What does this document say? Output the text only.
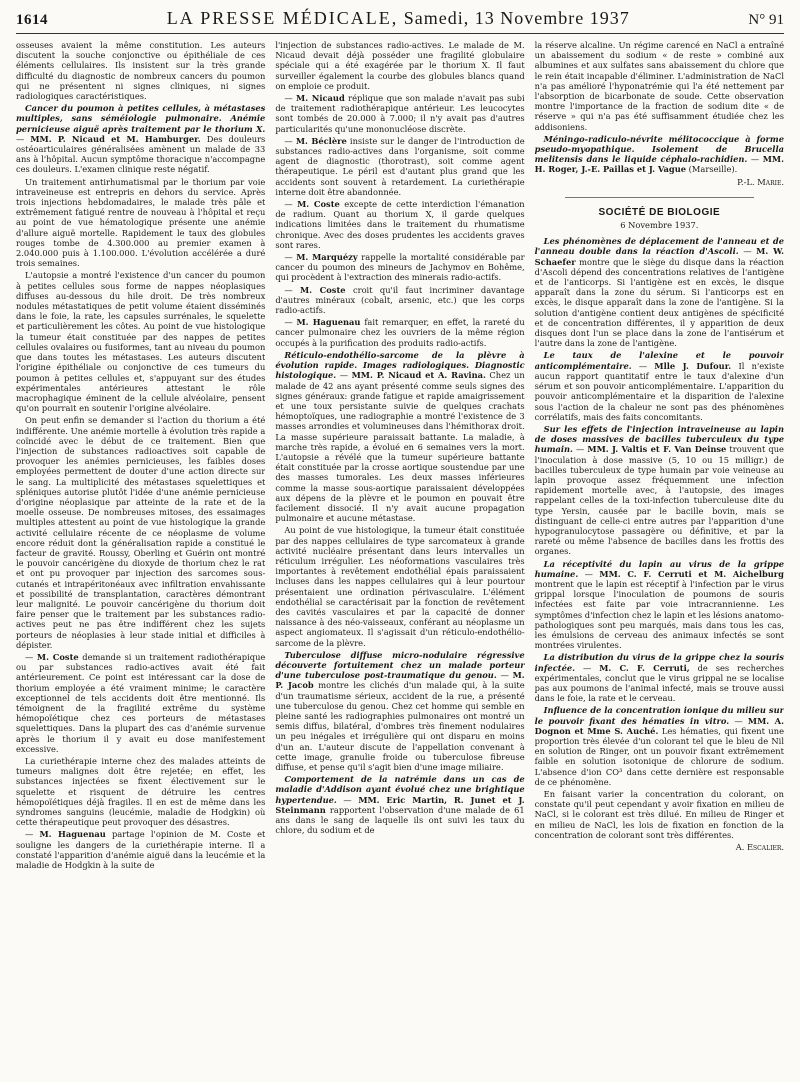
1614	LA PRESSE MÉDICALE, Samedi, 13 Novembre 1937	N° 91

osseuses avaient la même constitution. Les auteurs discutent la souche conjonctive ou épithéliale de ces éléments cellulaires. Ils insistent sur la très grande difficulté du diagnostic de nombreux cancers du poumon qui ne présentent ni signes cliniques, ni signes radiologiques caractéristiques.

Cancer du poumon à petites cellules, à métastases multiples, sans séméiologie pulmonaire. Anémie pernicieuse aiguë après traitement par le thorium X. — MM. P. Nicaud et M. Hamburger. Des douleurs ostéoarticulaires généralisées amènent un malade de 33 ans à l'hôpital. Aucun symptôme thoracique n'accompagne ces douleurs. L'examen clinique reste négatif.

Un traitement antirhumatismal par le thorium par voie intraveineuse est entrepris en dehors du service. Après trois injections hebdomadaires, le malade très pâle et extrêmement fatigué rentre de nouveau à l'hôpital et reçu au point de vue hématologique présente une anémie d'allure aiguë mortelle. Rapidement le taux des globules rouges tombe de 4.300.000 au premier examen à 2.040.000 puis à 1.100.000. L'évolution accélérée a duré trois semaines.

L'autopsie a montré l'existence d'un cancer du poumon à petites cellules sous forme de nappes néoplasiques diffuses au-dessous du hile droit. De très nombreux nodules métastatiques de petit volume étaient disséminés dans le foie, la rate, les capsules surrénales, le squelette et particulièrement les côtes. Au point de vue histologique la tumeur était constituée par des nappes de petites cellules ovalaires ou fusiformes, tant au niveau du poumon que dans toutes les métastases. Les auteurs discutent l'origine épithéliale ou conjonctive de ces tumeurs du poumon à petites cellules et, s'appuyant sur des études expérimentales antérieures attestant le rôle macrophagique éminent de la cellule alvéolaire, pensent qu'on pourrait en soutenir l'origine alvéolaire.

On peut enfin se demander si l'action du thorium a été indifférente. Une anémie mortelle à évolution très rapide a coïncidé avec le début de ce traitement. Bien que l'injection de substances radioactives soit capable de provoquer les anémies pernicieuses, les faibles doses employées permettent de douter d'une action directe sur le sang. La multiplicité des métastases squelettiques et spléniques autorise plutôt l'idée d'une anémie pernicieuse d'origine néoplasique par atteinte de la rate et de la moelle osseuse. De nombreuses mitoses, des essaimages multiples attestent au point de vue histologique la grande activité cellulaire récente de ce néoplasme de volume encore réduit dont la généralisation rapide a constitué le facteur de gravité. Roussy, Oberling et Guérin ont montré le pouvoir cancérigène du dioxyde de thorium chez le rat et ont pu provoquer par injection des sarcomes sous-cutanés et intrapéritonéaux avec infiltration envahissante et possibilité de transplantation, caractères démontrant leur malignité. Le pouvoir cancérigène du thorium doit faire penser que le traitement par les substances radio-actives peut ne pas être indifférent chez les sujets porteurs de néoplasies à leur stade initial et difficiles à dépister.

— M. Coste demande si un traitement radiothérapique ou par substances radio-actives avait été fait antérieurement. Ce point est intéressant car la dose de thorium employée a été vraiment minime; le caractère exceptionnel de tels accidents doit être mentionné. Ils témoignent de la fragilité extrême du système hémopoïétique chez ces porteurs de métastases squelettiques. Dans la plupart des cas d'anémie survenue après le thorium il y avait eu dose manifestement excessive.

La curiethérapie interne chez des malades atteints de tumeurs malignes doit être rejetée; en effet, les substances injectées se fixent électivement sur le squelette et risquent de détruire les centres hémopoïétiques déjà fragiles. Il en est de même dans les syndromes sanguins (leucémie, maladie de Hodgkin) où cette thérapeutique peut provoquer des désastres.

— M. Haguenau partage l'opinion de M. Coste et souligne les dangers de la curiethérapie interne. Il a constaté l'apparition d'anémie aiguë dans la leucémie et la maladie de Hodgkin à la suite de

l'injection de substances radio-actives. Le malade de M. Nicaud devait déjà posséder une fragilité globulaire spéciale qui a été exagérée par le thorium X. Il faut surveiller également la courbe des globules blancs quand on emploie ce produit.

— M. Nicaud réplique que son malade n'avait pas subi de traitement radiothérapique antérieur. Les leucocytes sont tombés de 20.000 à 7.000; il n'y avait pas d'autres particularités qu'une mononucléose discrète.

— M. Béclère insiste sur le danger de l'introduction de substances radio-actives dans l'organisme, soit comme agent de diagnostic (thorotrast), soit comme agent thérapeutique. Le péril est d'autant plus grand que les accidents sont souvent à retardement. La curiethérapie interne doit être abandonnée.

— M. Coste excepte de cette interdiction l'émanation de radium. Quant au thorium X, il garde quelques indications limitées dans le traitement du rhumatisme chronique. Avec des doses prudentes les accidents graves sont rares.

— M. Marquézy rappelle la mortalité considérable par cancer du poumon des mineurs de Jachymov en Bohême, qui procèdent à l'extraction des minerais radio-actifs.

— M. Coste croit qu'il faut incriminer davantage d'autres minéraux (cobalt, arsenic, etc.) que les corps radio-actifs.

— M. Haguenau fait remarquer, en effet, la rareté du cancer pulmonaire chez les ouvriers de la même région occupés à la purification des produits radio-actifs.

Réticulo-endothélio-sarcome de la plèvre à évolution rapide. Images radiologiques. Diagnostic histologique. — MM. P. Nicaud et A. Ravina. Chez un malade de 42 ans ayant présenté comme seuls signes des signes généraux: grande fatigue et rapide amaigrissement et une toux persistante suivie de quelques crachats hémoptoïques, une radiographie a montré l'existence de 3 masses arrondies et volumineuses dans l'hémithorax droit. La masse supérieure paraissait battante. La maladie, à marche très rapide, a évolué en 6 semaines vers la mort. L'autopsie a révélé que la tumeur supérieure battante était constituée par la crosse aortique soustendue par une des masses tumorales. Les deux masses inférieures comme la masse sous-aortique paraissaient développées aux dépens de la plèvre et le poumon en pouvait être facilement dissocié. Il n'y avait aucune propagation pulmonaire et aucune métastase.

Au point de vue histologique, la tumeur était constituée par des nappes cellulaires de type sarcomateux à grande activité nucléaire présentant dans leurs intervalles un réticulum irrégulier. Les néoformations vasculaires très importantes à revêtement endothélial épais paraissaient incluses dans les nappes cellulaires qui à leur pourtour présentaient une ordination périvasculaire. L'élément endothélial se caractérisait par la fonction de revêtement des cavités vasculaires et par la capacité de donner naissance à des néo-vaisseaux, conférant au néoplasme un aspect angiomateux. Il s'agissait d'un réticulo-endothélio-sarcome de la plèvre.

Tuberculose diffuse micro-nodulaire régressive découverte fortuitement chez un malade porteur d'une tuberculose post-traumatique du genou. — M. P. Jacob montre les clichés d'un malade qui, à la suite d'un traumatisme sérieux, accident de la rue, a présenté une tuberculose du genou. Chez cet homme qui semble en pleine santé les radiographies pulmonaires ont montré un semis diffus, bilatéral, d'ombres très finement nodulaires un peu inégales et irrégulière qui ont disparu en moins d'un an. L'auteur discute de l'appellation convenant à cette image, granulie froide ou tuberculose fibreuse diffuse, et pense qu'il s'agit bien d'une image miliaire.

Comportement de la natrémie dans un cas de maladie d'Addison ayant évolué chez une brightique hypertendue. — MM. Eric Martin, R. Junet et J. Steinmann rapportent l'observation d'une malade de 61 ans dans le sang de laquelle ils ont suivi les taux du chlore, du sodium et de

la réserve alcaline. Un régime carencé en NaCl a entraîné un abaissement du sodium « de reste » combiné aux albumines et aux sulfates sans abaissement du chlore que le rein était incapable d'éliminer. L'administration de NaCl n'a pas amélioré l'hyponatrémie qui l'a été nettement par l'absorption de bicarbonate de soude. Cette observation montre l'importance de la fraction de sodium dite « de réserve » qui n'a pas été suffisamment étudiée chez les addisoniens.

Méningo-radiculo-névrite mélitococcique à forme pseudo-myopathique. Isolement de Brucella melitensis dans le liquide céphalo-rachidien. — MM. H. Roger, J.-E. Paillas et J. Vague (Marseille).

P.-L. Marie.
SOCIÉTÉ DE BIOLOGIE
6 Novembre 1937.

Les phénomènes de déplacement de l'anneau et de l'anneau double dans la réaction d'Ascoli. — M. W. Schaefer montre que le siège du disque dans la réaction d'Ascoli dépend des concentrations relatives de l'antigène et de l'anticorps. Si l'antigène est en excès, le disque apparaît dans la zone du sérum. Si l'anticorps est en excès, le disque apparaît dans la zone de l'antigène. Si la solution d'antigène contient deux antigènes de spécificité et de concentration différentes, il y apparition de deux disques dont l'un se place dans la zone de l'antisérum et l'autre dans la zone de l'antigène.

Le taux de l'alexine et le pouvoir anticomplémentaire. — Mlle J. Dufour. Il n'existe aucun rapport quantitatif entre le taux d'alexine d'un sérum et son pouvoir anticomplémentaire. L'apparition du pouvoir anticomplémentaire et la disparition de l'alexine sous l'action de la chaleur ne sont pas des phénomènes corrélatifs, mais des faits concomitants.

Sur les effets de l'injection intraveineuse au lapin de doses massives de bacilles tuberculeux du type humain. — MM. J. Valtis et F. Van Deinse trouvent que l'inoculation à dose massive (5, 10 ou 15 milligr.) de bacilles tuberculeux de type humain par voie veineuse au lapin provoque assez fréquemment une infection rapidement mortelle avec, à l'autopsie, des images rappelant celles de la toxi-infection tuberculeuse dite du type Yersin, causée par le bacille bovin, mais se distinguant de celle-ci entre autres par l'apparition d'une hypogranulocytose passagère ou définitive, et par la rareté ou même l'absence de bacilles dans les frottis des organes.

La réceptivité du lapin au virus de la grippe humaine. — MM. C. F. Cerruti et M. Aichelburg montrent que le lapin est réceptif à l'infection par le virus grippal lorsque l'inoculation de poumons de souris infectées est faite par voie intracrannienne. Les symptômes d'infection chez le lapin et les lésions anatomo-pathologiques sont peu marqués, mais dans tous les cas, les émulsions de cerveau des animaux infectés se sont montrées virulentes.

La distribution du virus de la grippe chez la souris infectée. — M. C. F. Cerruti, de ses recherches expérimentales, conclut que le virus grippal ne se localise pas aux poumons de l'animal infecté, mais se trouve aussi dans le foie, la rate et le cerveau.

Influence de la concentration ionique du milieu sur le pouvoir fixant des hématies in vitro. — MM. A. Dognon et Mme S. Auché. Les hématies, qui fixent une proportion très élevée d'un colorant tel que le bleu de Nil en solution de Ringer, ont un pouvoir fixant extrêmement faible en solution isotonique de chlorure de sodium. L'absence d'ion CO³ dans cette dernière est responsable de ce phénomène.

En faisant varier la concentration du colorant, on constate qu'il peut cependant y avoir fixation en milieu de NaCl, si le colorant est très dilué. En milieu de Ringer et en milieu de NaCl, les lois de fixation en fonction de la concentration de colorant sont très différentes.

A. Escalier.
